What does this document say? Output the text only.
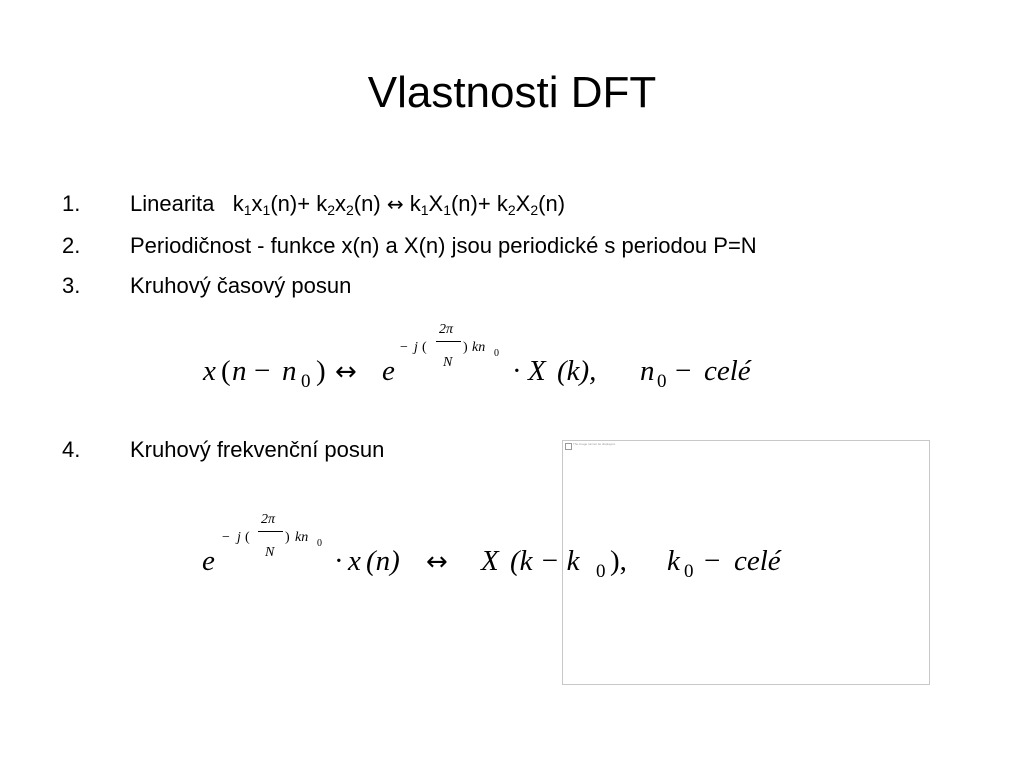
Vlastnosti DFT
1.	Linearita $k_1x_1(n)+ k_2x_2(n)$ ↔ $k_1X_1(n)+ k_2X_2(n)$
2.	Periodičnost - funkce x(n) a X(n) jsou periodické s periodou P=N
3.	Kruhový časový posun
x ( n − n 0 ) ↔ e
− j (
2π
N
) kn 0
· X (k), n 0 − celé
4.	Kruhový frekvenční posun	The image cannot be displayed.
e
− j (
2π
N
) kn 0
· x (n) ↔ X (k − k 0 ), k 0 − celé
